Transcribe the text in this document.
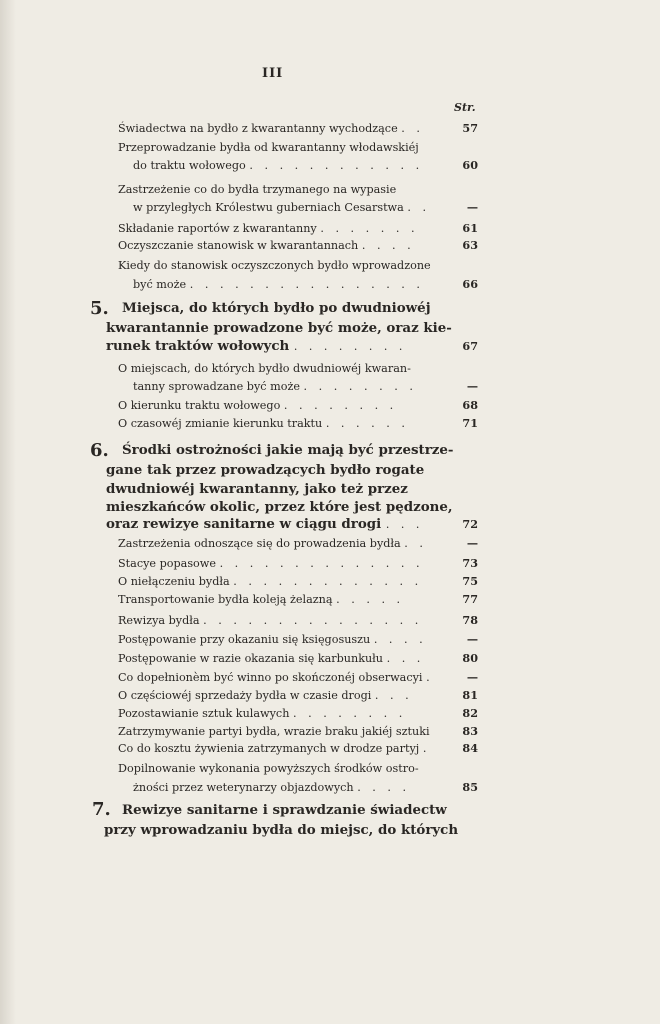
III
Str.
Świadectwa na bydło z kwarantanny wychodzące . .	57
Przeprowadzanie bydła od kwarantanny włodawskiéj
do traktu wołowego . . . . . . . . . . . .	60
Zastrzeżenie co do bydła trzymanego na wypasie
w przyległych Królestwu guberniach Cesarstwa . .	—
Składanie raportów z kwarantanny . . . . . . .	61
Oczyszczanie stanowisk w kwarantannach . . . .	63
Kiedy do stanowisk oczyszczonych bydło wprowadzone
być może . . . . . . . . . . . . . . . .	66
5. Miejsca, do których bydło po dwudniowéj
kwarantannie prowadzone być może, oraz kie-
runek traktów wołowych . . . . . . . .	67
O miejscach, do których bydło dwudniowéj kwaran-
tanny sprowadzane być może . . . . . . . .	—
O kierunku traktu wołowego . . . . . . . .	68
O czasowéj zmianie kierunku traktu . . . . . .	71
6. Środki ostrożności jakie mają być przestrze-
gane tak przez prowadzących bydło rogate
dwudniowéj kwarantanny, jako też przez
mieszkańców okolic, przez które jest pędzone,
oraz rewizye sanitarne w ciągu drogi . . .	72
Zastrzeżenia odnoszące się do prowadzenia bydła . .	—
Stacye popasowe . . . . . . . . . . . . . .	73
O niełączeniu bydła . . . . . . . . . . . . .	75
Transportowanie bydła koleją żelazną . . . . .	77
Rewizya bydła . . . . . . . . . . . . . . .	78
Postępowanie przy okazaniu się księgosuszu . . . .	—
Postępowanie w razie okazania się karbunkułu . . .	80
Co dopełnionèm być winno po skończonéj obserwacyi .	—
O częściowéj sprzedaży bydła w czasie drogi . . .	81
Pozostawianie sztuk kulawych . . . . . . . .	82
Zatrzymywanie partyi bydła, wrazie braku jakiéj sztuki	83
Co do kosztu żywienia zatrzymanych w drodze partyj .	84
Dopilnowanie wykonania powyższych środków ostro-
żności przez weterynarzy objazdowych . . . .	85
7. Rewizye sanitarne i sprawdzanie świadectw
przy wprowadzaniu bydła do miejsc, do których
